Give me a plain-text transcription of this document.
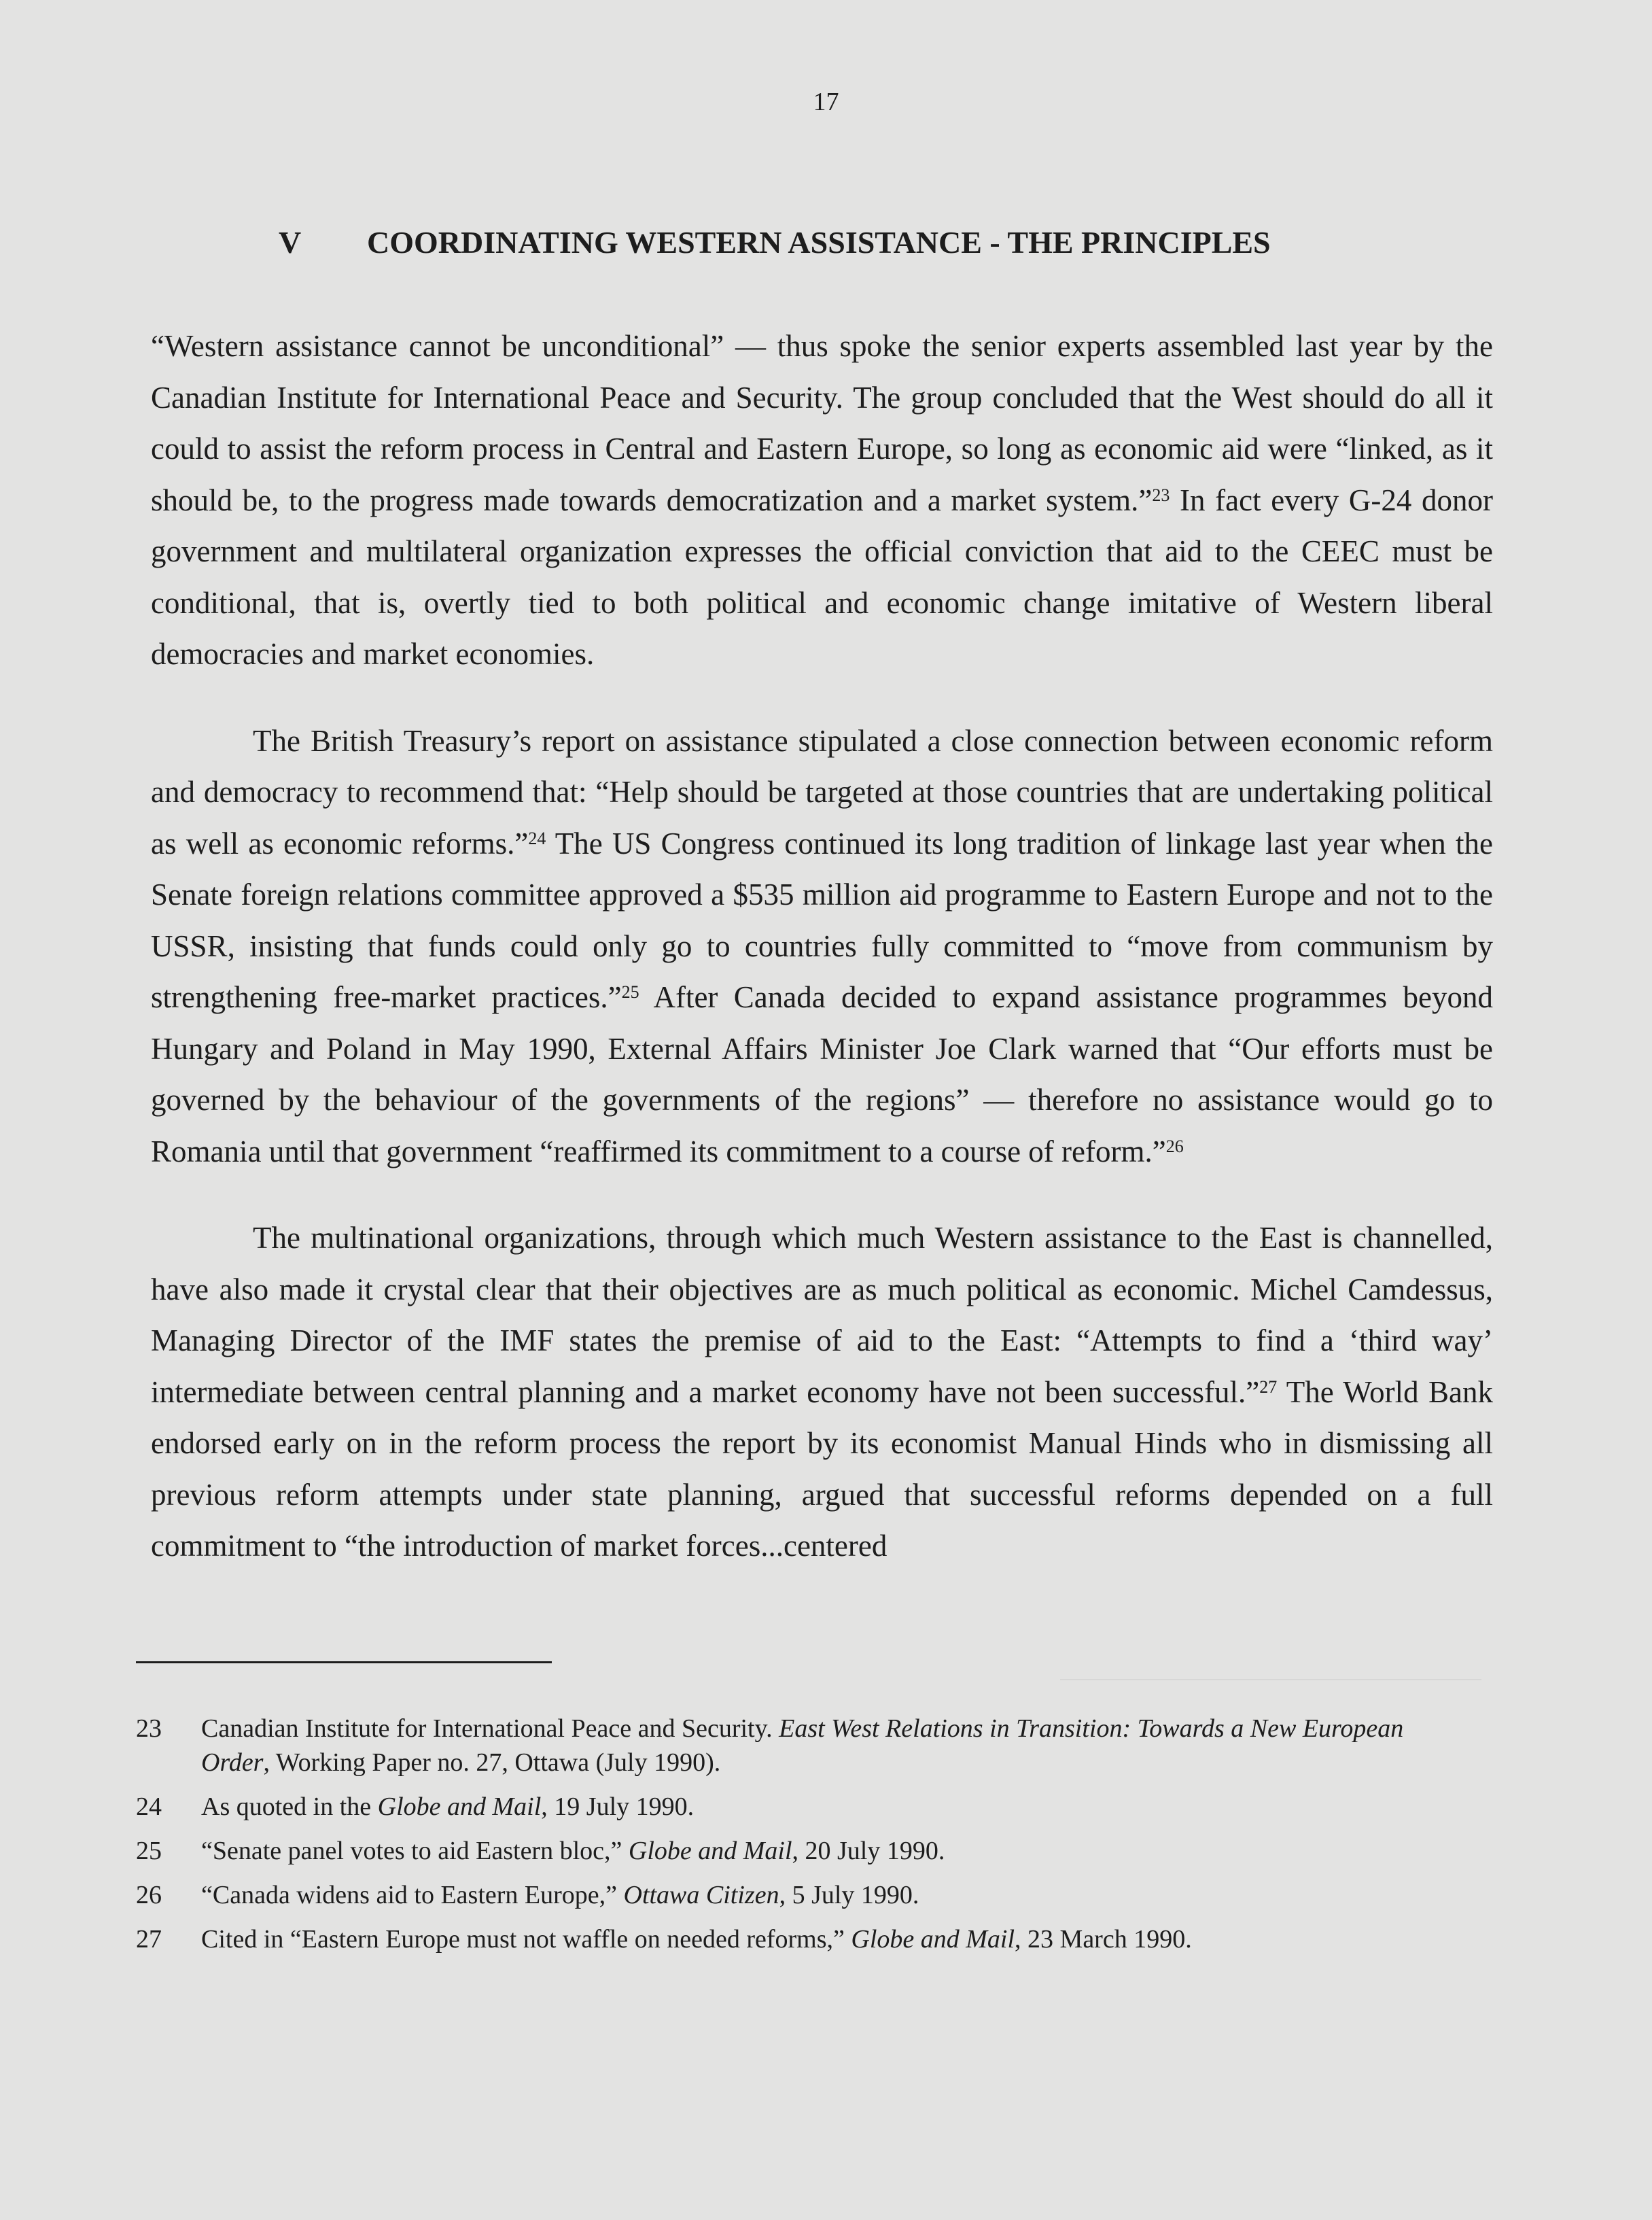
17
V COORDINATING WESTERN ASSISTANCE - THE PRINCIPLES

“Western assistance cannot be unconditional” — thus spoke the senior experts assembled last year by the Canadian Institute for International Peace and Security. The group concluded that the West should do all it could to assist the reform process in Central and Eastern Europe, so long as economic aid were “linked, as it should be, to the progress made towards democratization and a market system.”$^{23}$ In fact every G-24 donor government and multilateral organization expresses the official conviction that aid to the CEEC must be conditional, that is, overtly tied to both political and economic change imitative of Western liberal democracies and market economies.

The British Treasury’s report on assistance stipulated a close connection between economic reform and democracy to recommend that: “Help should be targeted at those countries that are undertaking political as well as economic reforms.”$^{24}$ The US Congress continued its long tradition of linkage last year when the Senate foreign relations committee approved a $535 million aid programme to Eastern Europe and not to the USSR, insisting that funds could only go to countries fully committed to “move from communism by strengthening free-market practices.”$^{25}$ After Canada decided to expand assistance programmes beyond Hungary and Poland in May 1990, External Affairs Minister Joe Clark warned that “Our efforts must be governed by the behaviour of the governments of the regions” — therefore no assistance would go to Romania until that government “reaffirmed its commitment to a course of reform.”$^{26}$

The multinational organizations, through which much Western assistance to the East is channelled, have also made it crystal clear that their objectives are as much political as economic. Michel Camdessus, Managing Director of the IMF states the premise of aid to the East: “Attempts to find a ‘third way’ intermediate between central planning and a market economy have not been successful.”$^{27}$ The World Bank endorsed early on in the reform process the report by its economist Manual Hinds who in dismissing all previous reform attempts under state planning, argued that successful reforms depended on a full commitment to “the introduction of market forces...centered

23	Canadian Institute for International Peace and Security. East West Relations in Transition: Towards a New European Order, Working Paper no. 27, Ottawa (July 1990).
24	As quoted in the Globe and Mail, 19 July 1990.
25	“Senate panel votes to aid Eastern bloc,” Globe and Mail, 20 July 1990.
26	“Canada widens aid to Eastern Europe,” Ottawa Citizen, 5 July 1990.
27	Cited in “Eastern Europe must not waffle on needed reforms,” Globe and Mail, 23 March 1990.
